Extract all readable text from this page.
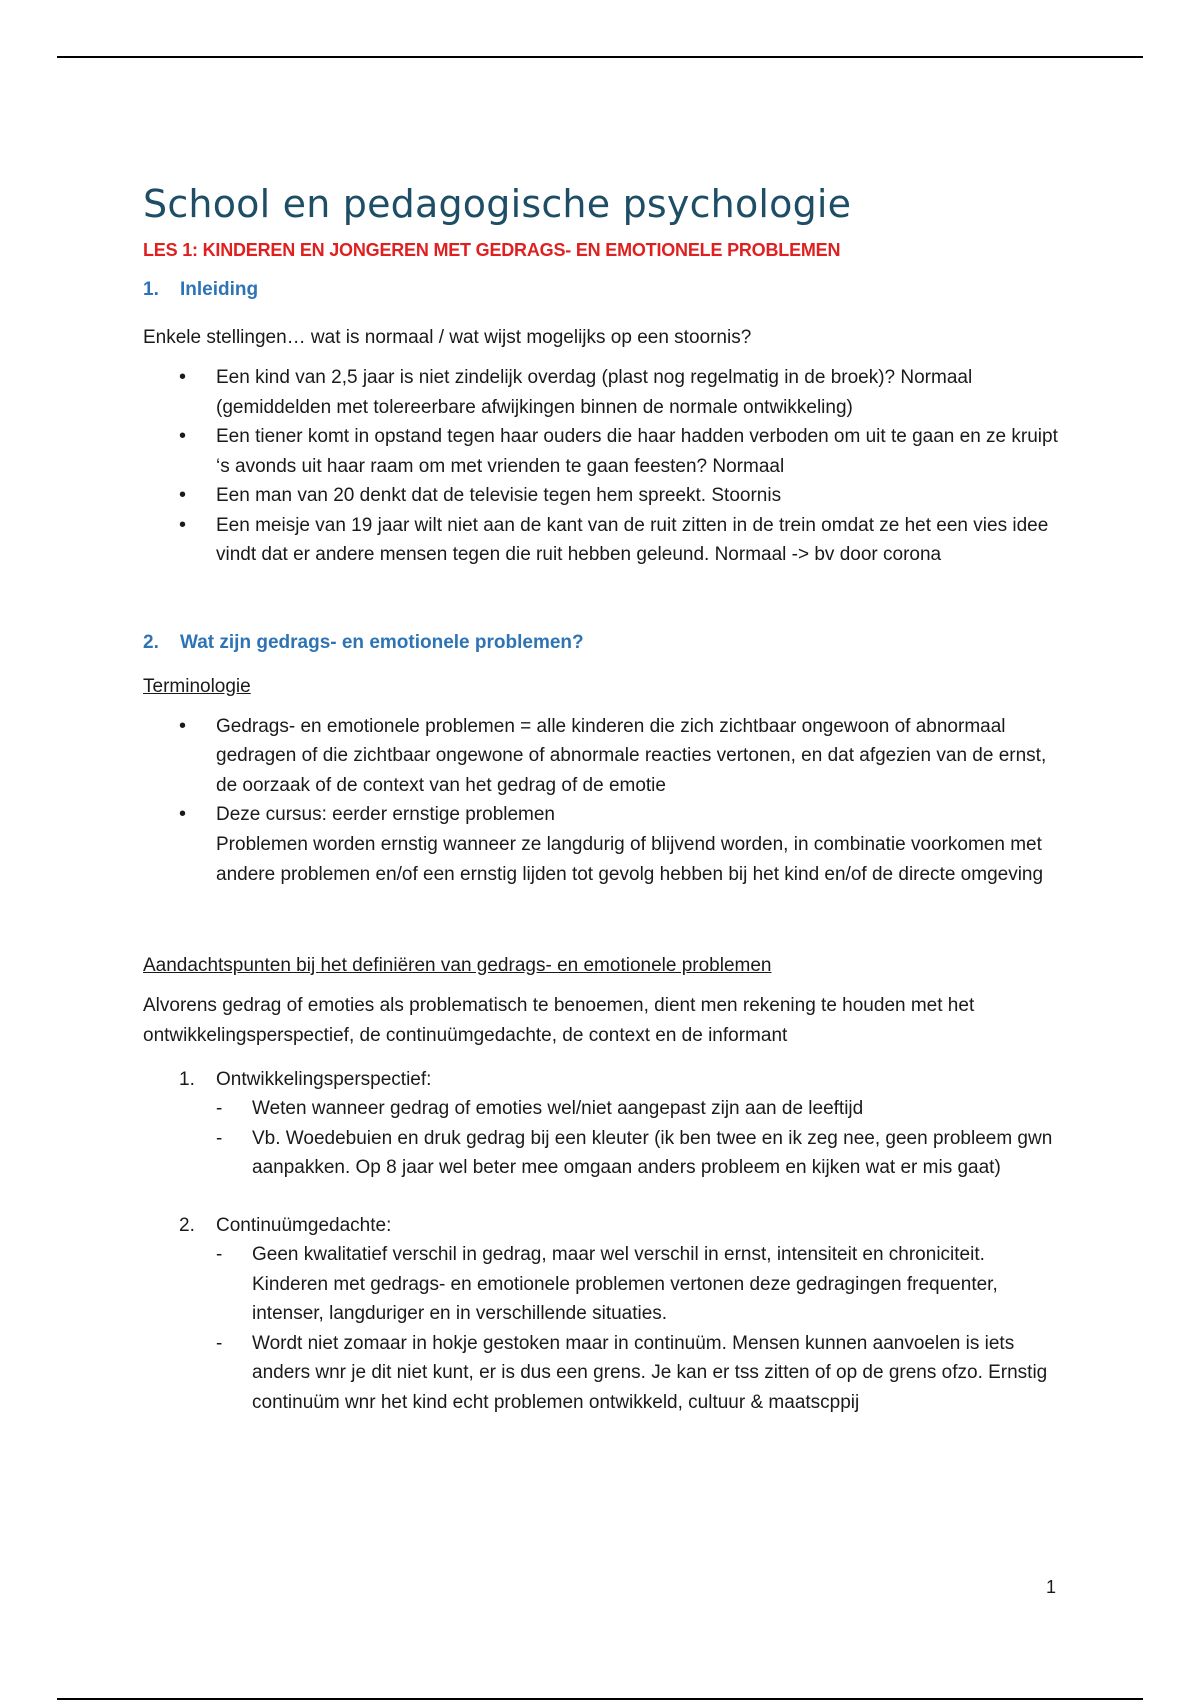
School en pedagogische psychologie
LES 1: KINDEREN EN JONGEREN MET GEDRAGS- EN EMOTIONELE PROBLEMEN
1. Inleiding
Enkele stellingen… wat is normaal / wat wijst mogelijks op een stoornis?
• Een kind van 2,5 jaar is niet zindelijk overdag (plast nog regelmatig in de broek)? Normaal (gemiddelden met tolereerbare afwijkingen binnen de normale ontwikkeling)
• Een tiener komt in opstand tegen haar ouders die haar hadden verboden om uit te gaan en ze kruipt ‘s avonds uit haar raam om met vrienden te gaan feesten? Normaal
• Een man van 20 denkt dat de televisie tegen hem spreekt. Stoornis
• Een meisje van 19 jaar wilt niet aan de kant van de ruit zitten in de trein omdat ze het een vies idee vindt dat er andere mensen tegen die ruit hebben geleund. Normaal -> bv door corona
2. Wat zijn gedrags- en emotionele problemen?
Terminologie
• Gedrags- en emotionele problemen = alle kinderen die zich zichtbaar ongewoon of abnormaal gedragen of die zichtbaar ongewone of abnormale reacties vertonen, en dat afgezien van de ernst, de oorzaak of de context van het gedrag of de emotie
• Deze cursus: eerder ernstige problemen
Problemen worden ernstig wanneer ze langdurig of blijvend worden, in combinatie voorkomen met andere problemen en/of een ernstig lijden tot gevolg hebben bij het kind en/of de directe omgeving
Aandachtspunten bij het definiëren van gedrags- en emotionele problemen
Alvorens gedrag of emoties als problematisch te benoemen, dient men rekening te houden met het ontwikkelingsperspectief, de continuümgedachte, de context en de informant
1. Ontwikkelingsperspectief:
- Weten wanneer gedrag of emoties wel/niet aangepast zijn aan de leeftijd
- Vb. Woedebuien en druk gedrag bij een kleuter (ik ben twee en ik zeg nee, geen probleem gwn aanpakken. Op 8 jaar wel beter mee omgaan anders probleem en kijken wat er mis gaat)
2. Continuümgedachte:
- Geen kwalitatief verschil in gedrag, maar wel verschil in ernst, intensiteit en chroniciteit. Kinderen met gedrags- en emotionele problemen vertonen deze gedragingen frequenter, intenser, langduriger en in verschillende situaties.
- Wordt niet zomaar in hokje gestoken maar in continuüm. Mensen kunnen aanvoelen is iets anders wnr je dit niet kunt, er is dus een grens. Je kan er tss zitten of op de grens ofzo. Ernstig continuüm wnr het kind echt problemen ontwikkeld, cultuur & maatscppij
1
